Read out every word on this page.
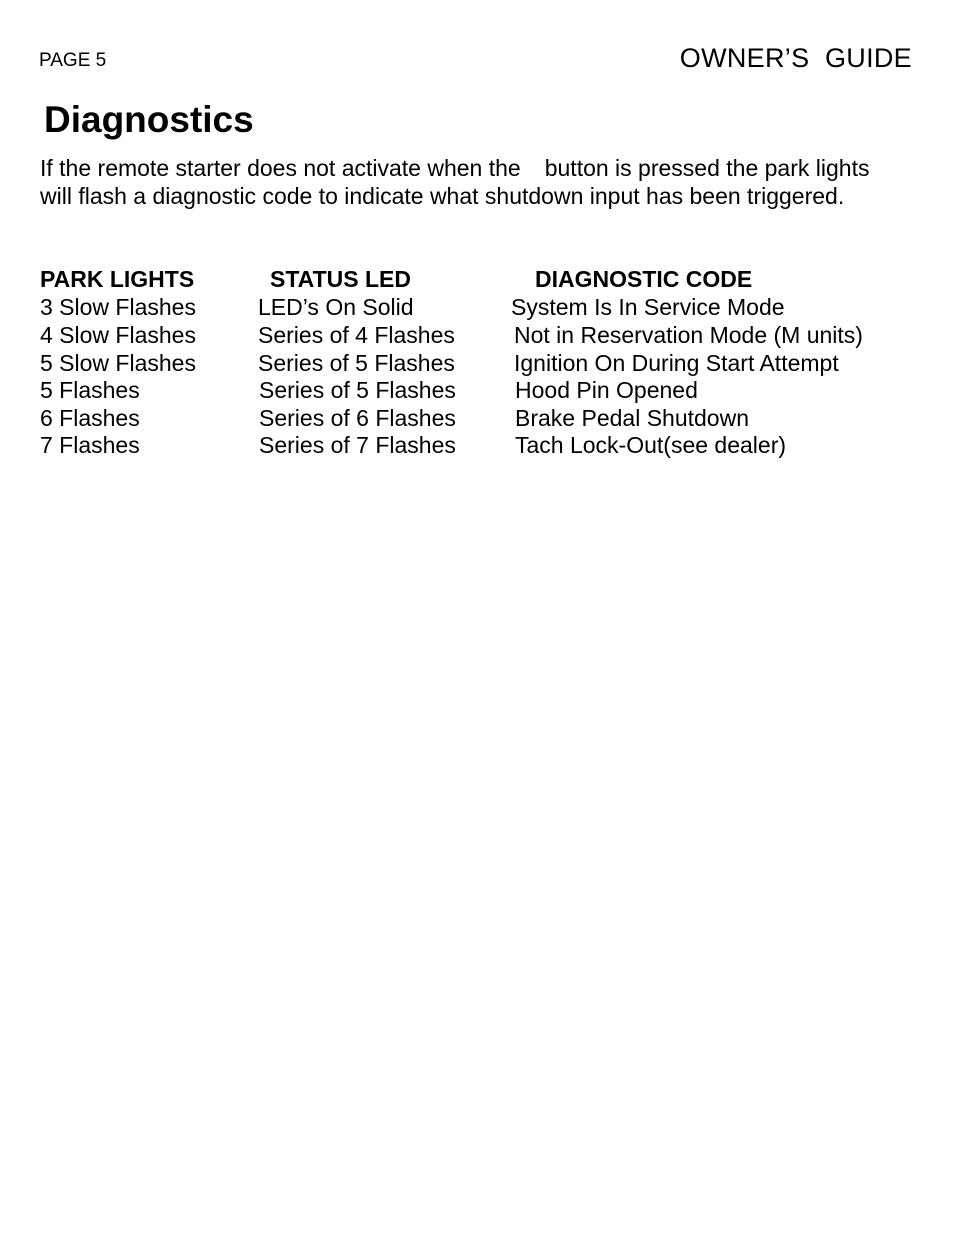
PAGE 5	OWNER’S  GUIDE
Diagnostics
If the remote starter does not activate when the button is pressed the park lights will flash a diagnostic code to indicate what shutdown input has been triggered.
PARK LIGHTS	STATUS LED	DIAGNOSTIC CODE
3 Slow Flashes	LED’s On Solid	System Is In Service Mode
4 Slow Flashes	Series of 4 Flashes	Not in Reservation Mode (M units)
5 Slow Flashes	Series of 5 Flashes	Ignition On During Start Attempt
5 Flashes	Series of 5 Flashes	Hood Pin Opened
6 Flashes	Series of 6 Flashes	Brake Pedal Shutdown
7 Flashes	Series of 7 Flashes	Tach Lock-Out(see dealer)
